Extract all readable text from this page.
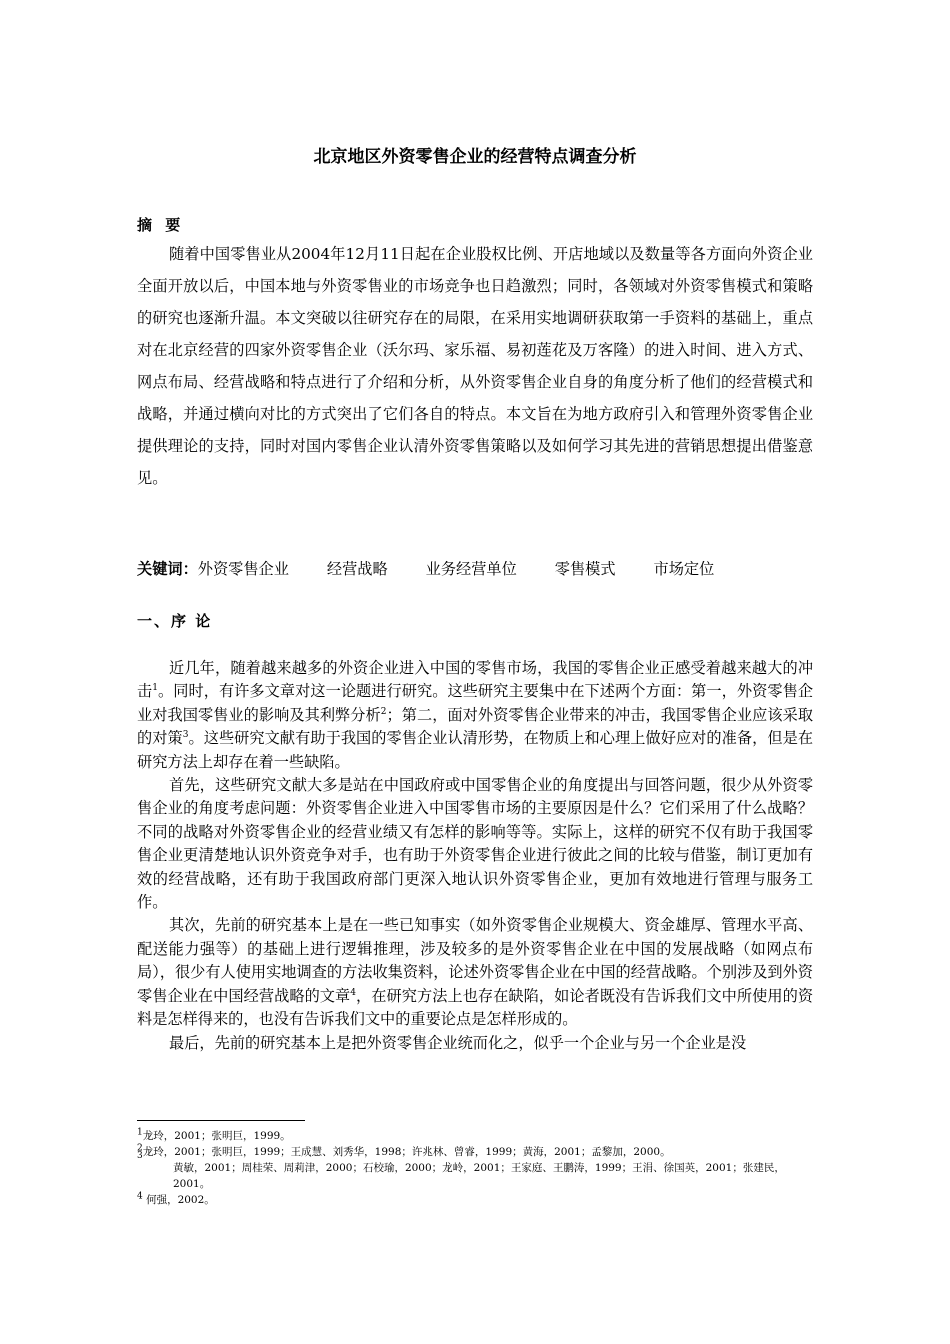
北京地区外资零售企业的经营特点调查分析
摘 要

随着中国零售业从2004年12月11日起在企业股权比例、开店地域以及数量等各方面向外资企业全面开放以后，中国本地与外资零售业的市场竞争也日趋激烈；同时，各领域对外资零售模式和策略的研究也逐渐升温。本文突破以往研究存在的局限，在采用实地调研获取第一手资料的基础上，重点对在北京经营的四家外资零售企业（沃尔玛、家乐福、易初莲花及万客隆）的进入时间、进入方式、网点布局、经营战略和特点进行了介绍和分析，从外资零售企业自身的角度分析了他们的经营模式和战略，并通过横向对比的方式突出了它们各自的特点。本文旨在为地方政府引入和管理外资零售企业提供理论的支持，同时对国内零售企业认清外资零售策略以及如何学习其先进的营销思想提出借鉴意见。

关键词：外资零售企业	经营战略	业务经营单位	零售模式	市场定位
一、序 论

近几年，随着越来越多的外资企业进入中国的零售市场，我国的零售企业正感受着越来越大的冲击$^1$。同时，有许多文章对这一论题进行研究。这些研究主要集中在下述两个方面：第一，外资零售企业对我国零售业的影响及其利弊分析$^2$；第二，面对外资零售企业带来的冲击，我国零售企业应该采取的对策$^3$。这些研究文献有助于我国的零售企业认清形势，在物质上和心理上做好应对的准备，但是在研究方法上却存在着一些缺陷。

首先，这些研究文献大多是站在中国政府或中国零售企业的角度提出与回答问题，很少从外资零售企业的角度考虑问题：外资零售企业进入中国零售市场的主要原因是什么？它们采用了什么战略？不同的战略对外资零售企业的经营业绩又有怎样的影响等等。实际上，这样的研究不仅有助于我国零售企业更清楚地认识外资竞争对手，也有助于外资零售企业进行彼此之间的比较与借鉴，制订更加有效的经营战略，还有助于我国政府部门更深入地认识外资零售企业，更加有效地进行管理与服务工作。

其次，先前的研究基本上是在一些已知事实（如外资零售企业规模大、资金雄厚、管理水平高、配送能力强等）的基础上进行逻辑推理，涉及较多的是外资零售企业在中国的发展战略（如网点布局），很少有人使用实地调查的方法收集资料，论述外资零售企业在中国的经营战略。个别涉及到外资零售企业在中国经营战略的文章$^4$，在研究方法上也存在缺陷，如论者既没有告诉我们文中所使用的资料是怎样得来的，也没有告诉我们文中的重要论点是怎样形成的。

最后，先前的研究基本上是把外资零售企业统而化之，似乎一个企业与另一个企业是没

$^1$龙玲，2001；张明巨，1999。
$^2$龙玲，2001；张明巨，1999；王成慧、刘秀华，1998；许兆林、曾睿，1999；黄海，2001；孟黎加，2000。
3
黄敏，2001；周桂荣、周莉津，2000；石校瑜，2000；龙岭，2001；王家庭、王鹏涛，1999；王涓、徐国英，2001；张建民，2001。
$^4$ 何强，2002。
